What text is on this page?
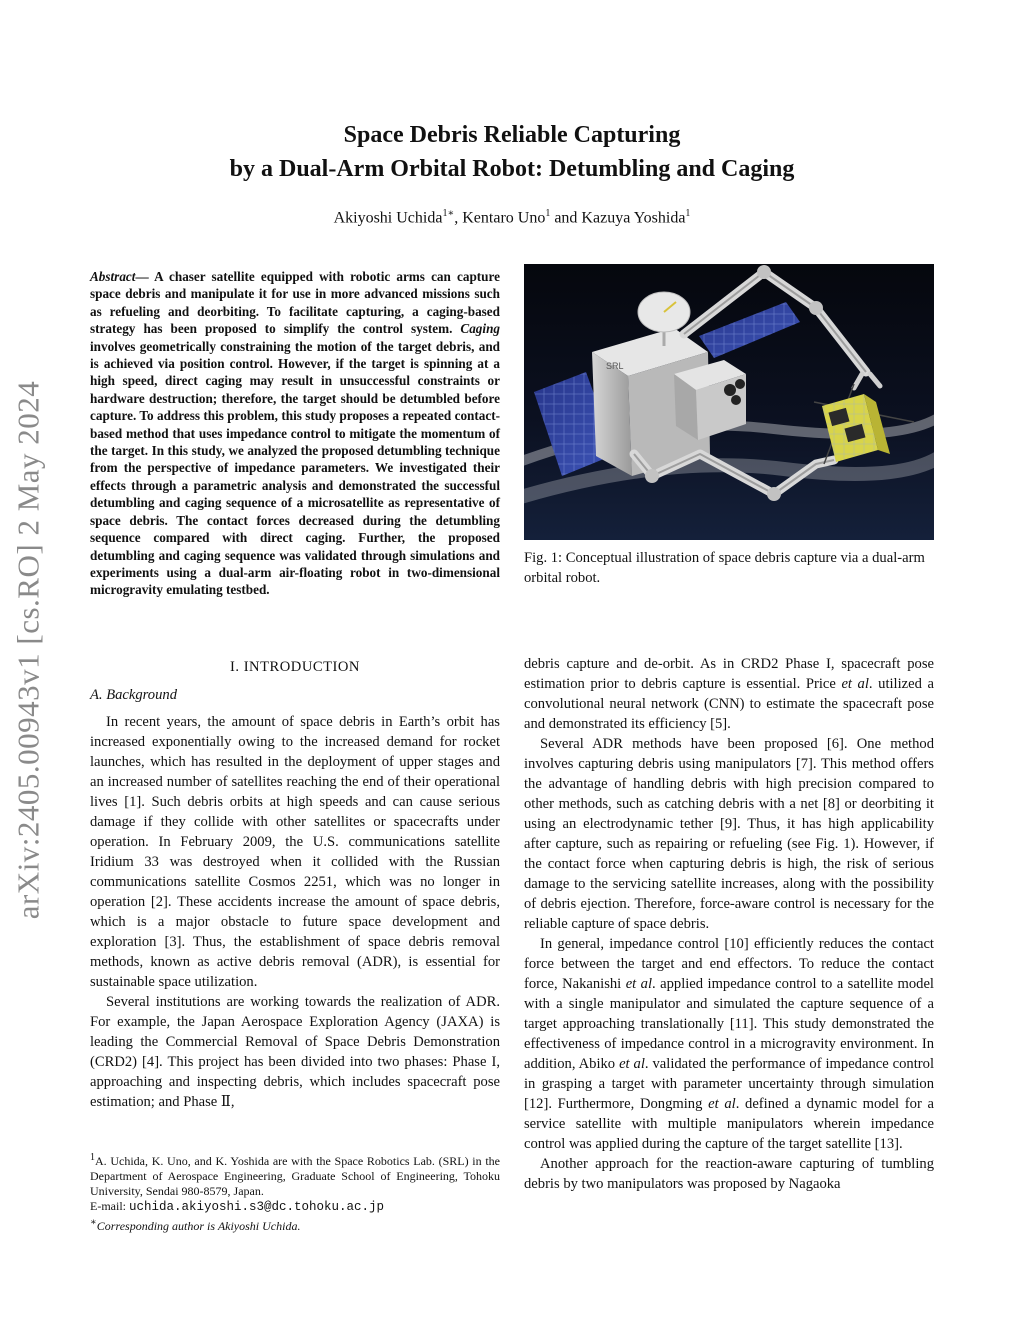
arXiv:2405.00943v1 [cs.RO] 2 May 2024
Space Debris Reliable Capturing
by a Dual-Arm Orbital Robot: Detumbling and Caging
Akiyoshi Uchida$^{1∗}$, Kentaro Uno$^1$ and Kazuya Yoshida$^1$
Abstract— A chaser satellite equipped with robotic arms can capture space debris and manipulate it for use in more advanced missions such as refueling and deorbiting. To facilitate capturing, a caging-based strategy has been proposed to simplify the control system. Caging involves geometrically constraining the motion of the target debris, and is achieved via position control. However, if the target is spinning at a high speed, direct caging may result in unsuccessful constraints or hardware destruction; therefore, the target should be detumbled before capture. To address this problem, this study proposes a repeated contact-based method that uses impedance control to mitigate the momentum of the target. In this study, we analyzed the proposed detumbling technique from the perspective of impedance parameters. We investigated their effects through a parametric analysis and demonstrated the successful detumbling and caging sequence of a microsatellite as representative of space debris. The contact forces decreased during the detumbling sequence compared with direct caging. Further, the proposed detumbling and caging sequence was validated through simulations and experiments using a dual-arm air-floating robot in two-dimensional microgravity emulating testbed.
I. INTRODUCTION
A. Background

In recent years, the amount of space debris in Earth’s orbit has increased exponentially owing to the increased demand for rocket launches, which has resulted in the deployment of upper stages and an increased number of satellites reaching the end of their operational lives [1]. Such debris orbits at high speeds and can cause serious damage if they collide with other satellites or spacecrafts under operation. In February 2009, the U.S. communications satellite Iridium 33 was destroyed when it collided with the Russian communications satellite Cosmos 2251, which was no longer in operation [2]. These accidents increase the amount of space debris, which is a major obstacle to future space development and exploration [3]. Thus, the establishment of space debris removal methods, known as active debris removal (ADR), is essential for sustainable space utilization.

Several institutions are working towards the realization of ADR. For example, the Japan Aerospace Exploration Agency (JAXA) is leading the Commercial Removal of Space Debris Demonstration (CRD2) [4]. This project has been divided into two phases: Phase I, approaching and inspecting debris, which includes spacecraft pose estimation; and Phase Ⅱ,

$^1$A. Uchida, K. Uno, and K. Yoshida are with the Space Robotics Lab. (SRL) in the Department of Aerospace Engineering, Graduate School of Engineering, Tohoku University, Sendai 980-8579, Japan.
E-mail: uchida.akiyoshi.s3@dc.tohoku.ac.jp
∗Corresponding author is Akiyoshi Uchida.
SRL
Fig. 1: Conceptual illustration of space debris capture via a dual-arm orbital robot.

debris capture and de-orbit. As in CRD2 Phase I, spacecraft pose estimation prior to debris capture is essential. Price et al. utilized a convolutional neural network (CNN) to estimate the spacecraft pose and demonstrated its efficiency [5].

Several ADR methods have been proposed [6]. One method involves capturing debris using manipulators [7]. This method offers the advantage of handling debris with high precision compared to other methods, such as catching debris with a net [8] or deorbiting it using an electrodynamic tether [9]. Thus, it has high applicability after capture, such as repairing or refueling (see Fig. 1). However, if the contact force when capturing debris is high, the risk of serious damage to the servicing satellite increases, along with the possibility of debris ejection. Therefore, force-aware control is necessary for the reliable capture of space debris.

In general, impedance control [10] efficiently reduces the contact force between the target and end effectors. To reduce the contact force, Nakanishi et al. applied impedance control to a satellite model with a single manipulator and simulated the capture sequence of a target approaching translationally [11]. This study demonstrated the effectiveness of impedance control in a microgravity environment. In addition, Abiko et al. validated the performance of impedance control in grasping a target with parameter uncertainty through simulation [12]. Furthermore, Dongming et al. defined a dynamic model for a service satellite with multiple manipulators wherein impedance control was applied during the capture of the target satellite [13].

Another approach for the reaction-aware capturing of tumbling debris by two manipulators was proposed by Nagaoka
